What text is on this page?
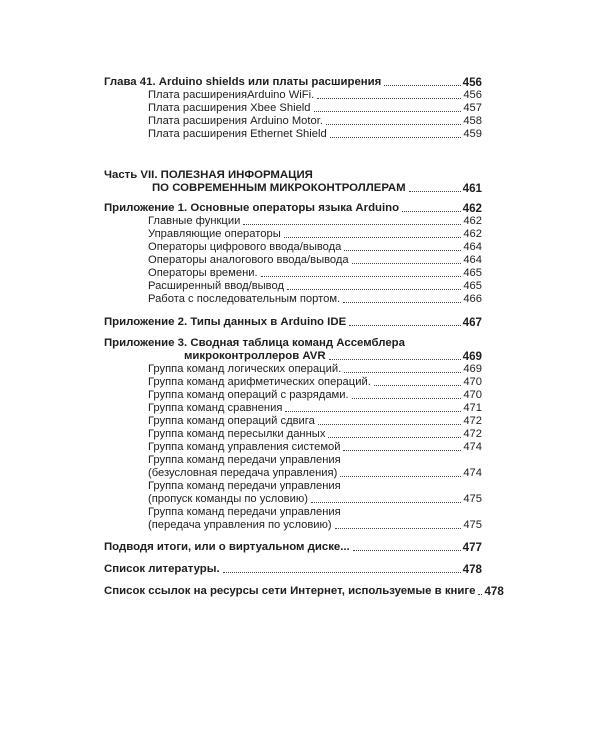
Глава 41. Arduino shields или платы расширения	456
Плата расширенияArduino WiFi.	456
Плата расширения Xbee Shield	457
Плата расширения Arduino Motor.	458
Плата расширения Ethernet Shield	459
Часть VII. ПОЛЕЗНАЯ ИНФОРМАЦИЯ
ПО СОВРЕМЕННЫМ МИКРОКОНТРОЛЛЕРАМ	461
Приложение 1. Основные операторы языка Arduino	462
Главные функции	462
Управляющие операторы	462
Операторы цифрового ввода/вывода	464
Операторы аналогового ввода/вывода	464
Операторы времени.	465
Расширенный ввод/вывод	465
Работа с последовательным портом.	466
Приложение 2. Типы данных в Arduino IDE	467
Приложение 3. Сводная таблица команд Ассемблера
микроконтроллеров AVR	469
Группа команд логических операций.	469
Группа команд арифметических операций.	470
Группа команд операций с разрядами.	470
Группа команд сравнения	471
Группа команд операций сдвига	472
Группа команд пересылки данных	472
Группа команд управления системой	474
Группа команд передачи управления
(безусловная передача управления)	474
Группа команд передачи управления
(пропуск команды по условию)	475
Группа команд передачи управления
(передача управления по условию)	475
Подводя итоги, или о виртуальном диске...	477
Список литературы.	478
Список ссылок на ресурсы сети Интернет, используемые в книге 478
